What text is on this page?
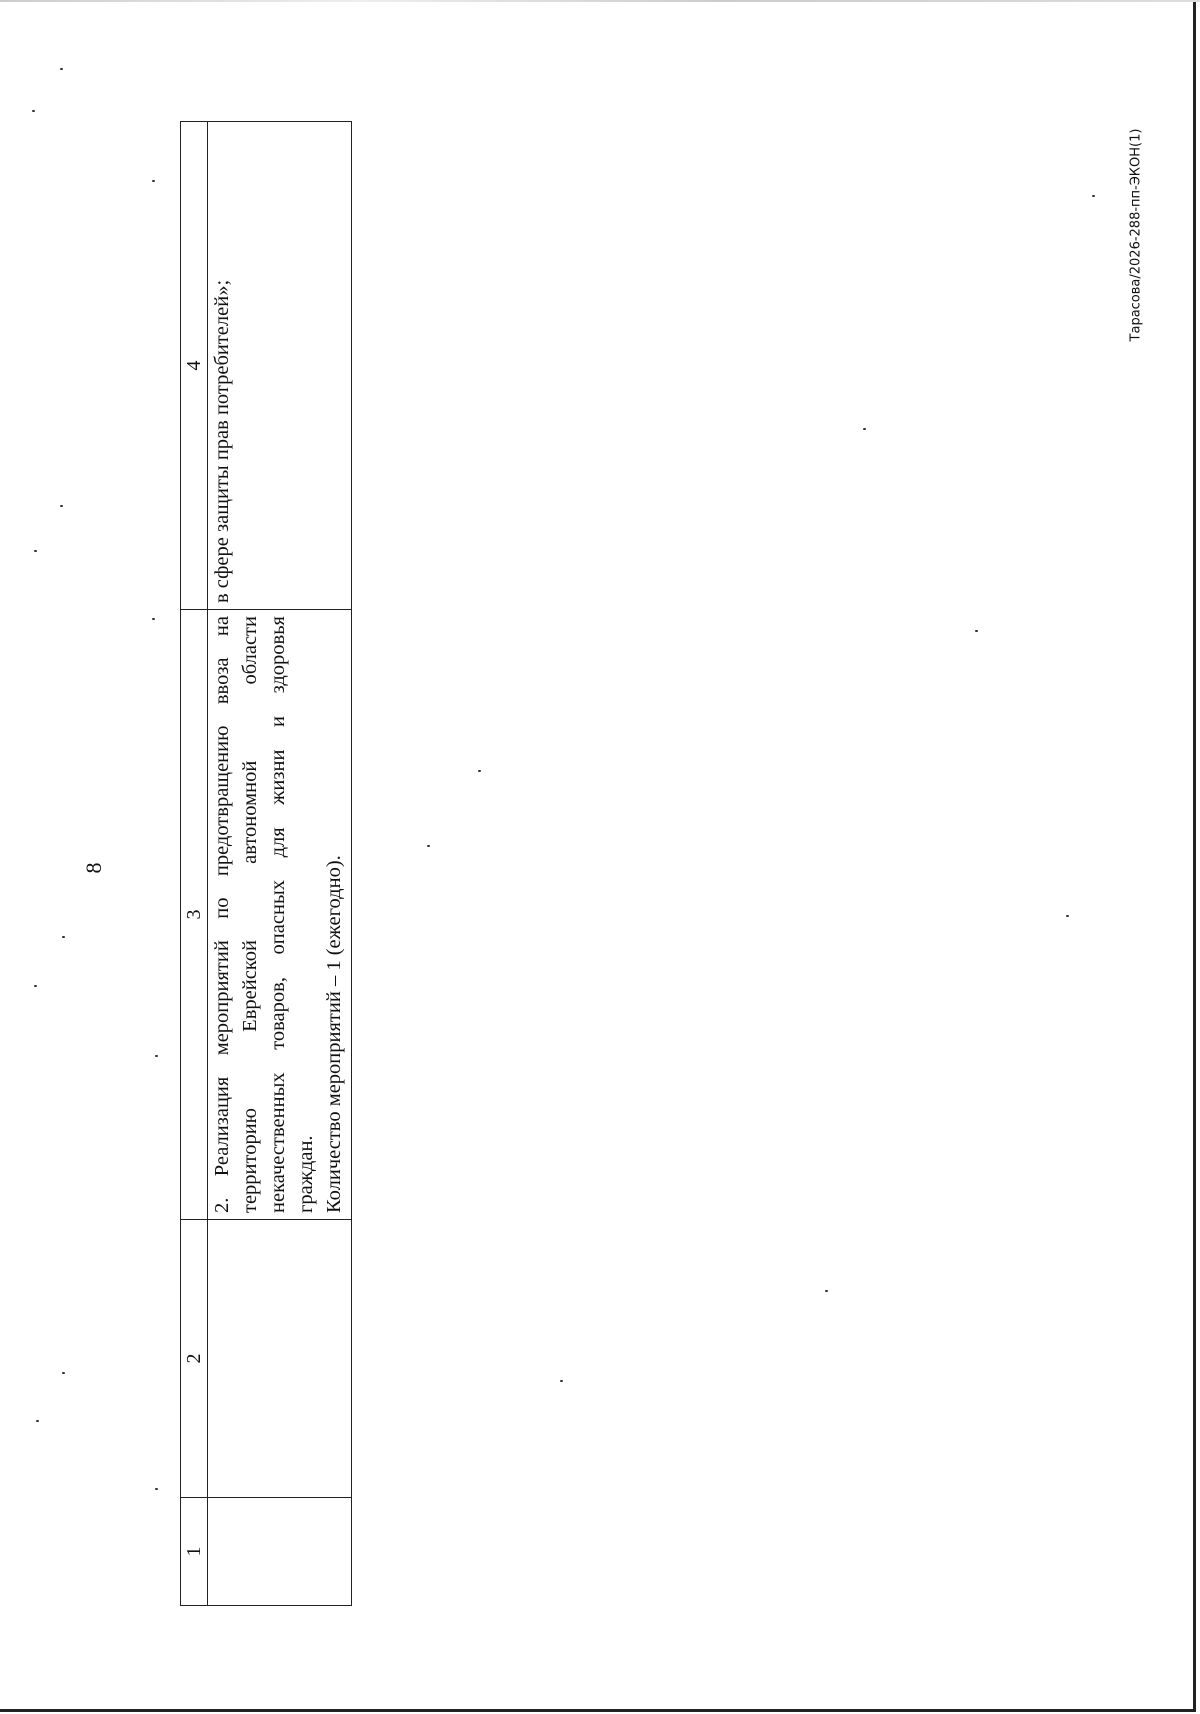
8
1	2	3	4

		2. Реализация мероприятий по предотвращению ввоза на территорию Еврейской автономной области некачественных товаров, опасных для жизни и здоровья граждан. Количество мероприятий – 1 (ежегодно).	в сфере защиты прав потребителей»;
Тарасова/2026-288-пп-ЭКОН(1)
